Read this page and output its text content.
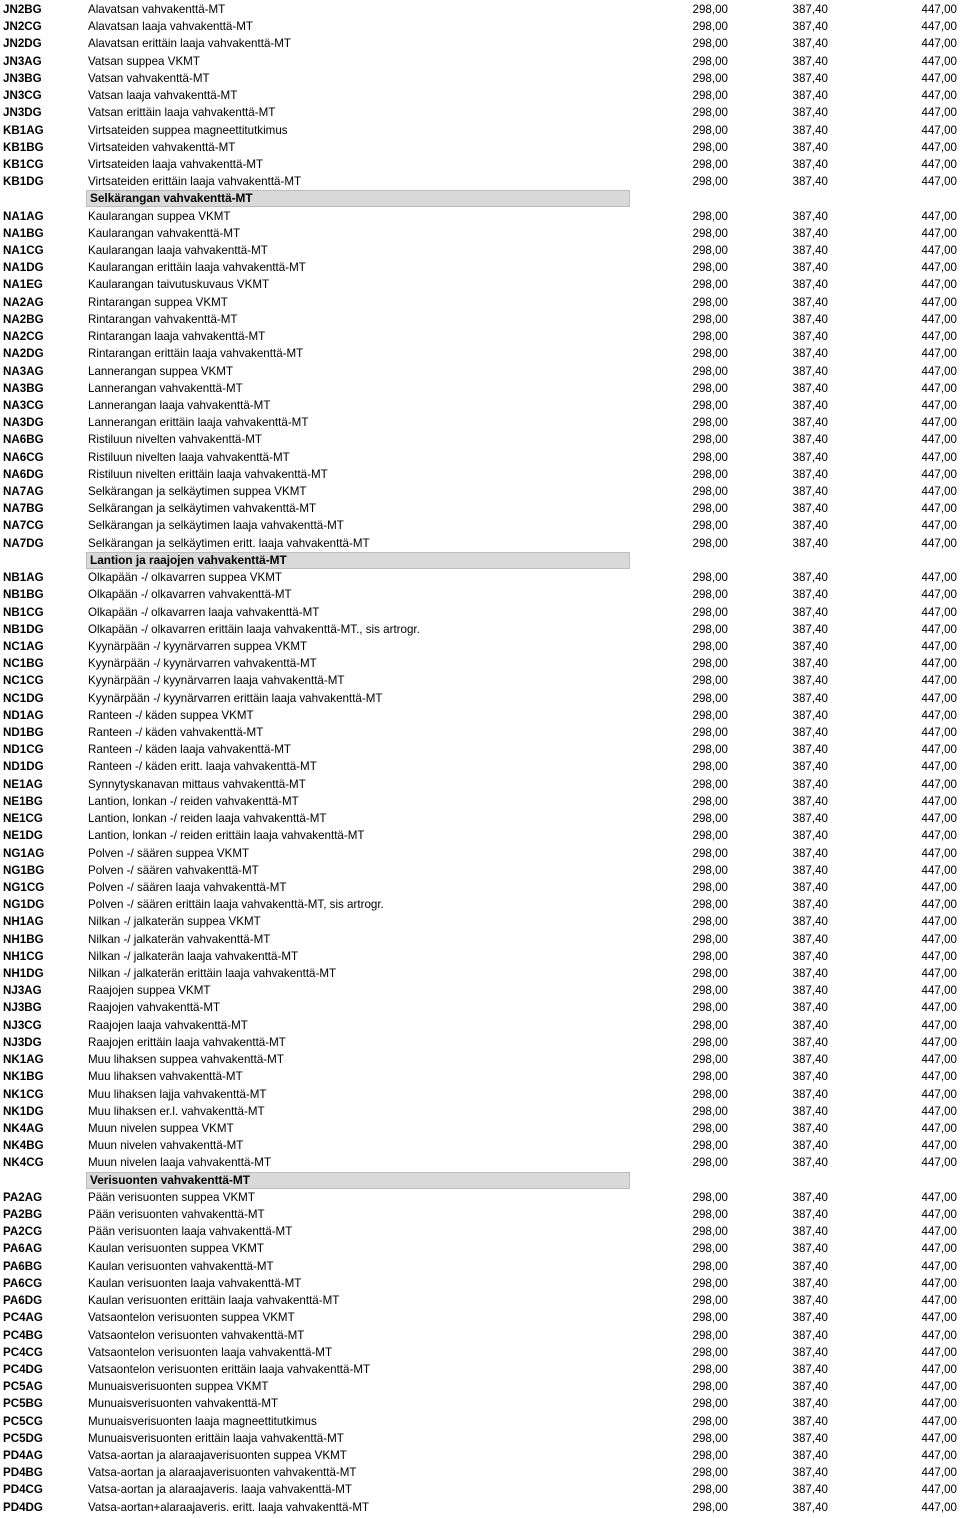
JN2BG	Alavatsan vahvakenttä-MT	298,00	387,40	447,00
JN2CG	Alavatsan laaja vahvakenttä-MT	298,00	387,40	447,00
JN2DG	Alavatsan erittäin laaja vahvakenttä-MT	298,00	387,40	447,00
JN3AG	Vatsan suppea VKMT	298,00	387,40	447,00
JN3BG	Vatsan vahvakenttä-MT	298,00	387,40	447,00
JN3CG	Vatsan laaja vahvakenttä-MT	298,00	387,40	447,00
JN3DG	Vatsan erittäin laaja vahvakenttä-MT	298,00	387,40	447,00
KB1AG	Virtsateiden suppea magneettitutkimus	298,00	387,40	447,00
KB1BG	Virtsateiden vahvakenttä-MT	298,00	387,40	447,00
KB1CG	Virtsateiden laaja vahvakenttä-MT	298,00	387,40	447,00
KB1DG	Virtsateiden erittäin laaja vahvakenttä-MT	298,00	387,40	447,00
Selkärangan vahvakenttä-MT
NA1AG	Kaularangan suppea VKMT	298,00	387,40	447,00
NA1BG	Kaularangan vahvakenttä-MT	298,00	387,40	447,00
NA1CG	Kaularangan laaja vahvakenttä-MT	298,00	387,40	447,00
NA1DG	Kaularangan erittäin laaja vahvakenttä-MT	298,00	387,40	447,00
NA1EG	Kaularangan taivutuskuvaus VKMT	298,00	387,40	447,00
NA2AG	Rintarangan suppea VKMT	298,00	387,40	447,00
NA2BG	Rintarangan vahvakenttä-MT	298,00	387,40	447,00
NA2CG	Rintarangan laaja vahvakenttä-MT	298,00	387,40	447,00
NA2DG	Rintarangan erittäin laaja vahvakenttä-MT	298,00	387,40	447,00
NA3AG	Lannerangan suppea VKMT	298,00	387,40	447,00
NA3BG	Lannerangan vahvakenttä-MT	298,00	387,40	447,00
NA3CG	Lannerangan laaja vahvakenttä-MT	298,00	387,40	447,00
NA3DG	Lannerangan erittäin laaja vahvakenttä-MT	298,00	387,40	447,00
NA6BG	Ristiluun nivelten vahvakenttä-MT	298,00	387,40	447,00
NA6CG	Ristiluun nivelten laaja vahvakenttä-MT	298,00	387,40	447,00
NA6DG	Ristiluun nivelten erittäin laaja vahvakenttä-MT	298,00	387,40	447,00
NA7AG	Selkärangan ja selkäytimen suppea VKMT	298,00	387,40	447,00
NA7BG	Selkärangan ja selkäytimen vahvakenttä-MT	298,00	387,40	447,00
NA7CG	Selkärangan ja selkäytimen laaja vahvakenttä-MT	298,00	387,40	447,00
NA7DG	Selkärangan ja selkäytimen eritt. laaja vahvakenttä-MT	298,00	387,40	447,00
Lantion ja raajojen vahvakenttä-MT
NB1AG	Olkapään -/ olkavarren suppea VKMT	298,00	387,40	447,00
NB1BG	Olkapään -/ olkavarren vahvakenttä-MT	298,00	387,40	447,00
NB1CG	Olkapään -/ olkavarren laaja vahvakenttä-MT	298,00	387,40	447,00
NB1DG	Olkapään -/ olkavarren erittäin laaja vahvakenttä-MT., sis artrogr.	298,00	387,40	447,00
NC1AG	Kyynärpään -/ kyynärvarren suppea VKMT	298,00	387,40	447,00
NC1BG	Kyynärpään -/ kyynärvarren vahvakenttä-MT	298,00	387,40	447,00
NC1CG	Kyynärpään -/ kyynärvarren laaja vahvakenttä-MT	298,00	387,40	447,00
NC1DG	Kyynärpään -/ kyynärvarren erittäin laaja vahvakenttä-MT	298,00	387,40	447,00
ND1AG	Ranteen -/ käden suppea VKMT	298,00	387,40	447,00
ND1BG	Ranteen -/ käden vahvakenttä-MT	298,00	387,40	447,00
ND1CG	Ranteen -/ käden laaja vahvakenttä-MT	298,00	387,40	447,00
ND1DG	Ranteen -/ käden eritt. laaja vahvakenttä-MT	298,00	387,40	447,00
NE1AG	Synnytyskanavan mittaus vahvakenttä-MT	298,00	387,40	447,00
NE1BG	Lantion, lonkan -/ reiden vahvakenttä-MT	298,00	387,40	447,00
NE1CG	Lantion, lonkan -/ reiden laaja vahvakenttä-MT	298,00	387,40	447,00
NE1DG	Lantion, lonkan -/ reiden erittäin laaja vahvakenttä-MT	298,00	387,40	447,00
NG1AG	Polven -/ säären suppea VKMT	298,00	387,40	447,00
NG1BG	Polven -/ säären vahvakenttä-MT	298,00	387,40	447,00
NG1CG	Polven -/ säären laaja vahvakenttä-MT	298,00	387,40	447,00
NG1DG	Polven -/ säären erittäin laaja vahvakenttä-MT, sis artrogr.	298,00	387,40	447,00
NH1AG	Nilkan -/ jalkaterän suppea VKMT	298,00	387,40	447,00
NH1BG	Nilkan -/ jalkaterän vahvakenttä-MT	298,00	387,40	447,00
NH1CG	Nilkan -/ jalkaterän laaja vahvakenttä-MT	298,00	387,40	447,00
NH1DG	Nilkan -/ jalkaterän erittäin laaja vahvakenttä-MT	298,00	387,40	447,00
NJ3AG	Raajojen suppea VKMT	298,00	387,40	447,00
NJ3BG	Raajojen vahvakenttä-MT	298,00	387,40	447,00
NJ3CG	Raajojen laaja vahvakenttä-MT	298,00	387,40	447,00
NJ3DG	Raajojen erittäin laaja vahvakenttä-MT	298,00	387,40	447,00
NK1AG	Muu lihaksen suppea vahvakenttä-MT	298,00	387,40	447,00
NK1BG	Muu lihaksen vahvakenttä-MT	298,00	387,40	447,00
NK1CG	Muu lihaksen lajja vahvakenttä-MT	298,00	387,40	447,00
NK1DG	Muu lihaksen er.l. vahvakenttä-MT	298,00	387,40	447,00
NK4AG	Muun nivelen suppea VKMT	298,00	387,40	447,00
NK4BG	Muun nivelen vahvakenttä-MT	298,00	387,40	447,00
NK4CG	Muun nivelen laaja vahvakenttä-MT	298,00	387,40	447,00
Verisuonten vahvakenttä-MT
PA2AG	Pään verisuonten suppea VKMT	298,00	387,40	447,00
PA2BG	Pään verisuonten vahvakenttä-MT	298,00	387,40	447,00
PA2CG	Pään verisuonten laaja vahvakenttä-MT	298,00	387,40	447,00
PA6AG	Kaulan verisuonten suppea VKMT	298,00	387,40	447,00
PA6BG	Kaulan verisuonten vahvakenttä-MT	298,00	387,40	447,00
PA6CG	Kaulan verisuonten laaja vahvakenttä-MT	298,00	387,40	447,00
PA6DG	Kaulan verisuonten erittäin laaja vahvakenttä-MT	298,00	387,40	447,00
PC4AG	Vatsaontelon verisuonten suppea VKMT	298,00	387,40	447,00
PC4BG	Vatsaontelon verisuonten vahvakenttä-MT	298,00	387,40	447,00
PC4CG	Vatsaontelon verisuonten laaja vahvakenttä-MT	298,00	387,40	447,00
PC4DG	Vatsaontelon verisuonten erittäin laaja vahvakenttä-MT	298,00	387,40	447,00
PC5AG	Munuaisverisuonten suppea VKMT	298,00	387,40	447,00
PC5BG	Munuaisverisuonten vahvakenttä-MT	298,00	387,40	447,00
PC5CG	Munuaisverisuonten laaja magneettitutkimus	298,00	387,40	447,00
PC5DG	Munuaisverisuonten erittäin laaja vahvakenttä-MT	298,00	387,40	447,00
PD4AG	Vatsa-aortan ja alaraajaverisuonten suppea VKMT	298,00	387,40	447,00
PD4BG	Vatsa-aortan ja alaraajaverisuonten vahvakenttä-MT	298,00	387,40	447,00
PD4CG	Vatsa-aortan ja alaraajaveris. laaja vahvakenttä-MT	298,00	387,40	447,00
PD4DG	Vatsa-aortan+alaraajaveris. eritt. laaja vahvakenttä-MT	298,00	387,40	447,00
